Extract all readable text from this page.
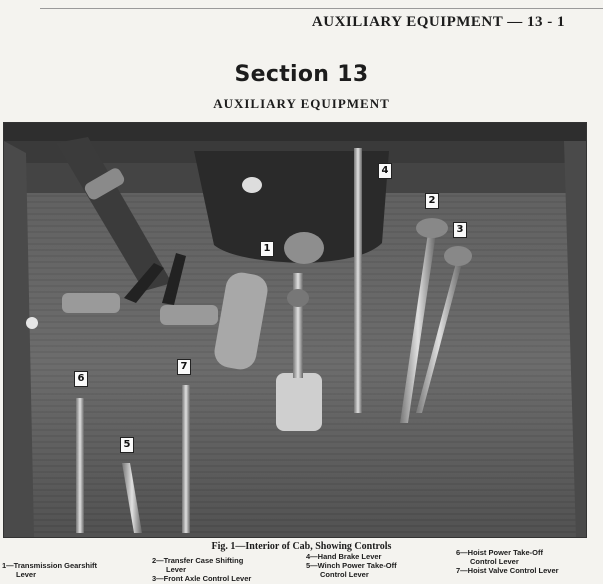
AUXILIARY EQUIPMENT — 13 - 1
Section 13
AUXILIARY EQUIPMENT
4
1
2
3
6
7
5
Fig. 1—Interior of Cab, Showing Controls
1—Transmission Gearshift
Lever
2—Transfer Case Shifting
Lever
3—Front Axle Control Lever
4—Hand Brake Lever
5—Winch Power Take-Off
Control Lever
6—Hoist Power Take-Off
Control Lever
7—Hoist Valve Control Lever
